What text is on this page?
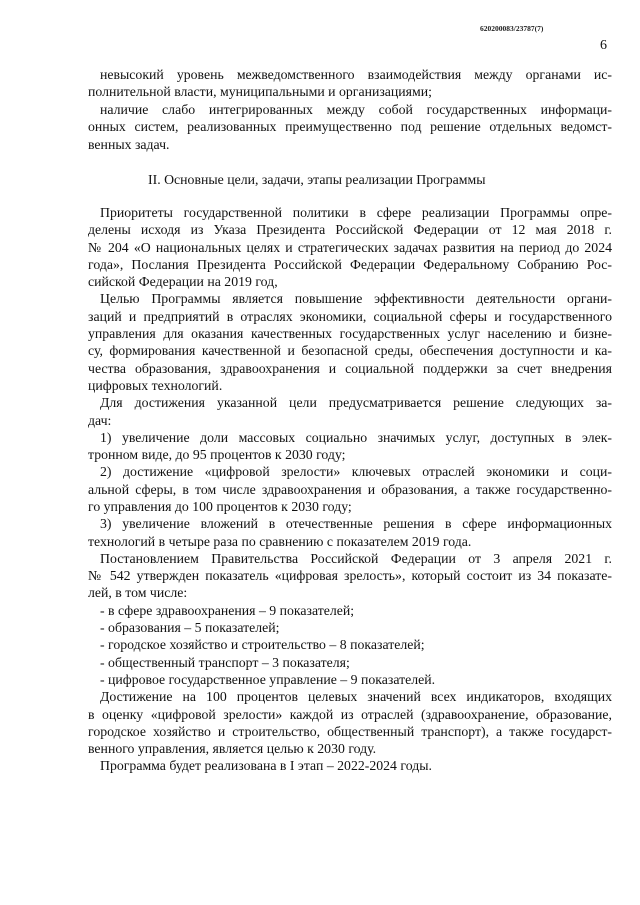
620200083/23787(7)
6
невысокий уровень межведомственного взаимодействия между органами ис-
полнительной власти, муниципальными и организациями;
наличие слабо интегрированных между собой государственных информаци-
онных систем, реализованных преимущественно под решение отдельных ведомст-
венных задач.
II. Основные цели, задачи, этапы реализации Программы
Приоритеты государственной политики в сфере реализации Программы опре-
делены исходя из Указа Президента Российской Федерации от 12 мая 2018 г.
№ 204 «О национальных целях и стратегических задачах развития на период до 2024
года», Послания Президента Российской Федерации Федеральному Собранию Рос-
сийской Федерации на 2019 год,
Целью Программы является повышение эффективности деятельности органи-
заций и предприятий в отраслях экономики, социальной сферы и государственного
управления для оказания качественных государственных услуг населению и бизне-
су, формирования качественной и безопасной среды, обеспечения доступности и ка-
чества образования, здравоохранения и социальной поддержки за счет внедрения
цифровых технологий.
Для достижения указанной цели предусматривается решение следующих за-
дач:
1) увеличение доли массовых социально значимых услуг, доступных в элек-
тронном виде, до 95 процентов к 2030 году;
2) достижение «цифровой зрелости» ключевых отраслей экономики и соци-
альной сферы, в том числе здравоохранения и образования, а также государственно-
го управления до 100 процентов к 2030 году;
3) увеличение вложений в отечественные решения в сфере информационных
технологий в четыре раза по сравнению с показателем 2019 года.
Постановлением Правительства Российской Федерации от 3 апреля 2021 г.
№ 542 утвержден показатель «цифровая зрелость», который состоит из 34 показате-
лей, в том числе:
- в сфере здравоохранения – 9 показателей;
- образования – 5 показателей;
- городское хозяйство и строительство – 8 показателей;
- общественный транспорт – 3 показателя;
- цифровое государственное управление – 9 показателей.
Достижение на 100 процентов целевых значений всех индикаторов, входящих
в оценку «цифровой зрелости» каждой из отраслей (здравоохранение, образование,
городское хозяйство и строительство, общественный транспорт), а также государст-
венного управления, является целью к 2030 году.
Программа будет реализована в I этап – 2022-2024 годы.
